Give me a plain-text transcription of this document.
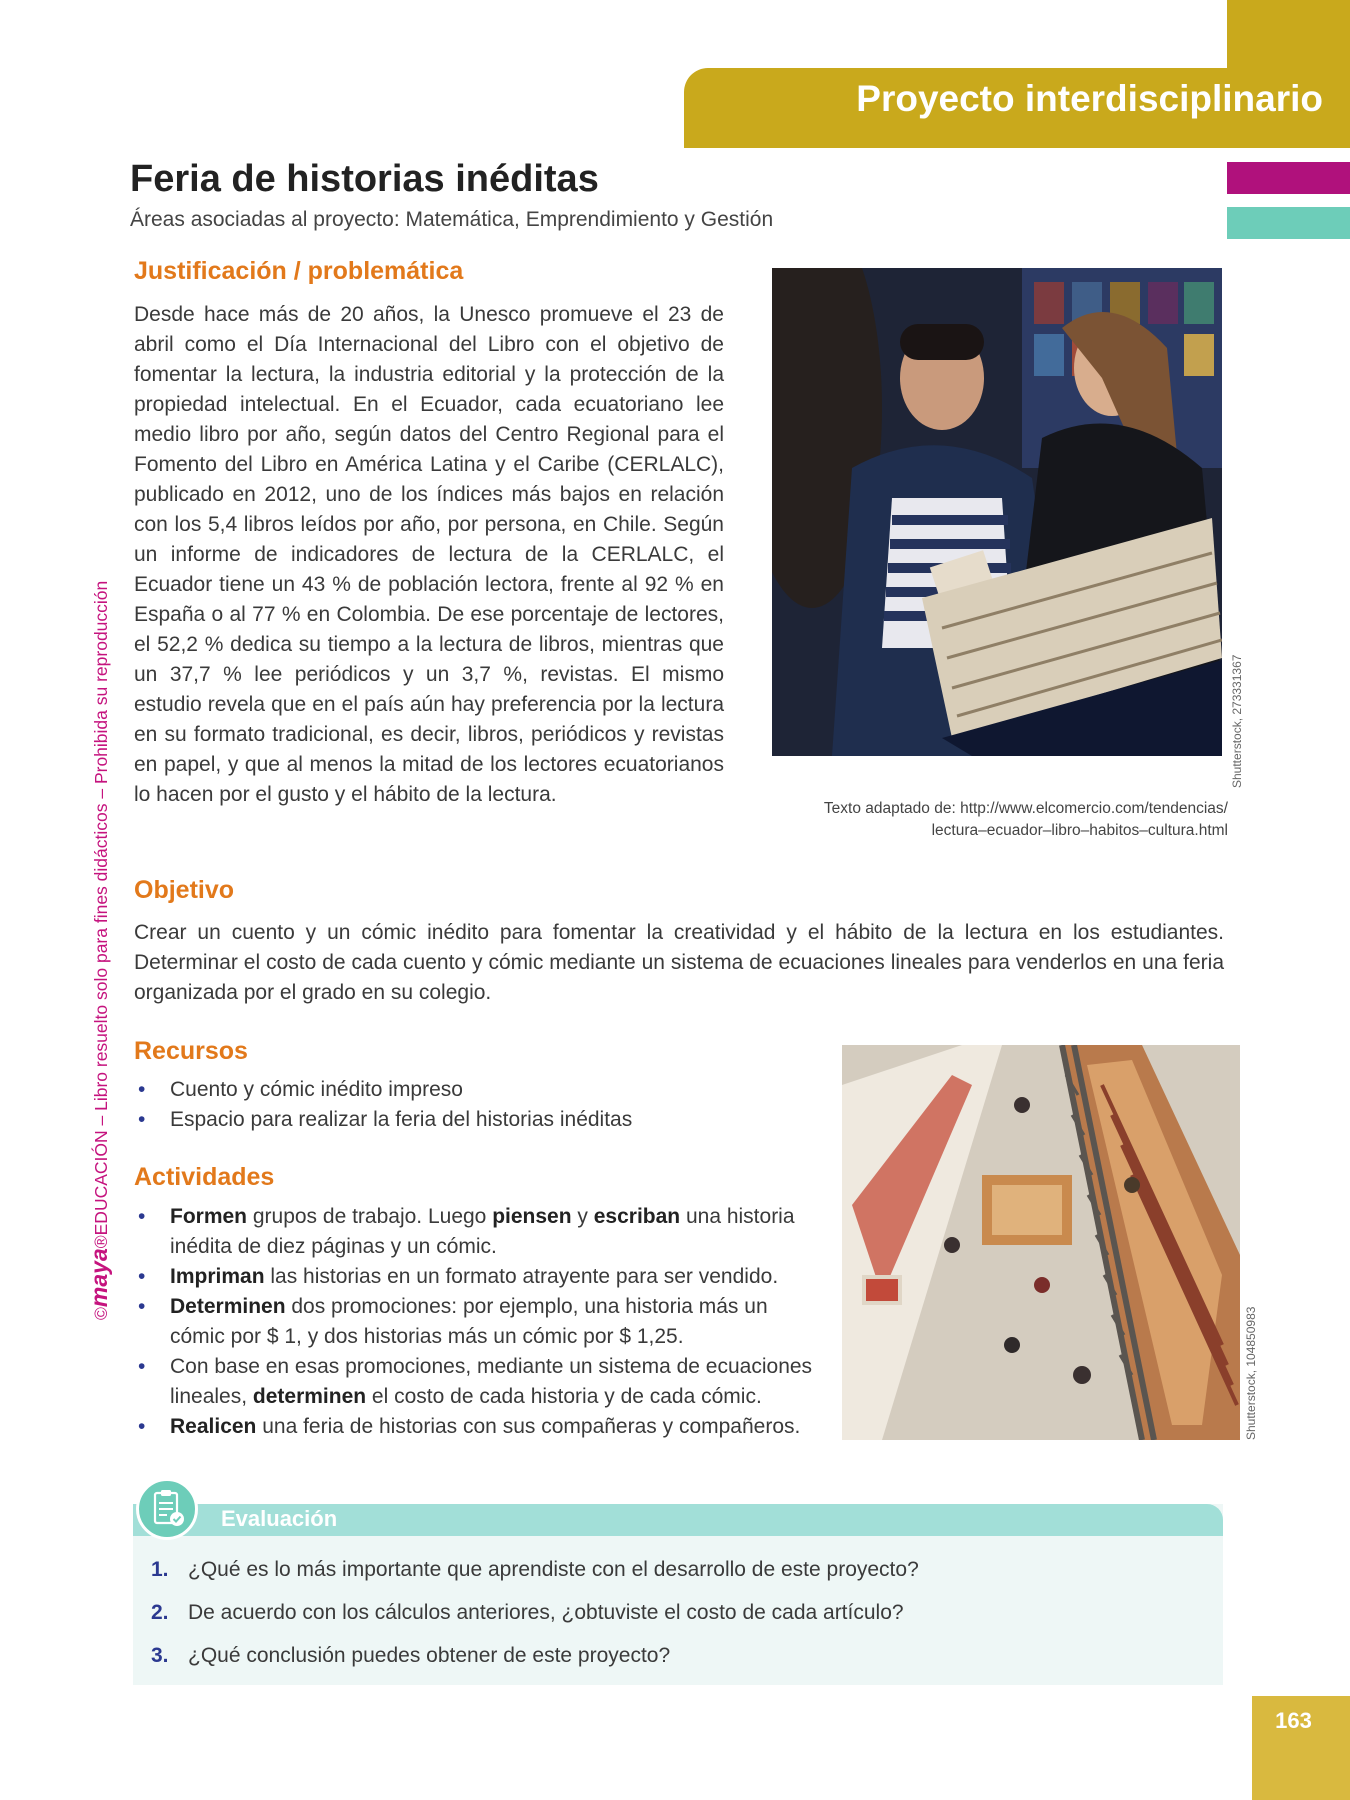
Proyecto interdisciplinario
©maya®EDUCACIÓN – Libro resuelto solo para fines didácticos – Prohibida su reproducción
Feria de historias inéditas
Áreas asociadas al proyecto: Matemática, Emprendimiento y Gestión
Justificación / problemática

Desde hace más de 20 años, la Unesco promueve el 23 de abril como el Día Internacional del Libro con el objetivo de fomentar la lectura, la industria editorial y la protección de la propiedad intelectual. En el Ecuador, cada ecuatoriano lee medio libro por año, según datos del Centro Regional para el Fomento del Libro en América Latina y el Caribe (CERLALC), publicado en 2012, uno de los índices más bajos en relación con los 5,4 libros leídos por año, por persona, en Chile. Según un informe de indicadores de lectura de la CERLALC, el Ecuador tiene un 43 % de población lectora, frente al 92 % en España o al 77 % en Colombia. De ese porcentaje de lectores, el 52,2 % dedica su tiempo a la lectura de libros, mientras que un 37,7 % lee periódicos y un 3,7 %, revistas. El mismo estudio revela que en el país aún hay preferencia por la lectura en su formato tradicional, es decir, libros, periódicos y revistas en papel, y que al menos la mitad de los lectores ecuatorianos lo hacen por el gusto y el hábito de la lectura.

Shutterstock, 273331367
Texto adaptado de: http://www.elcomercio.com/tendencias/
lectura–ecuador–libro–habitos–cultura.html
Objetivo

Crear un cuento y un cómic inédito para fomentar la creatividad y el hábito de la lectura en los estudiantes. Determinar el costo de cada cuento y cómic mediante un sistema de ecuaciones lineales para venderlos en una feria organizada por el grado en su colegio.

Recursos
• Cuento y cómic inédito impreso
• Espacio para realizar la feria del historias inéditas
Actividades
• Formen grupos de trabajo. Luego piensen y escriban una historia inédita de diez páginas y un cómic.
• Impriman las historias en un formato atrayente para ser vendido.
• Determinen dos promociones: por ejemplo, una historia más un cómic por $ 1, y dos historias más un cómic por $ 1,25.
• Con base en esas promociones, mediante un sistema de ecuaciones lineales, determinen el costo de cada historia y de cada cómic.
• Realicen una feria de historias con sus compañeras y compañeros.	Shutterstock, 104850983
Evaluación
1. ¿Qué es lo más importante que aprendiste con el desarrollo de este proyecto?
2. De acuerdo con los cálculos anteriores, ¿obtuviste el costo de cada artículo?
3. ¿Qué conclusión puedes obtener de este proyecto?
163
